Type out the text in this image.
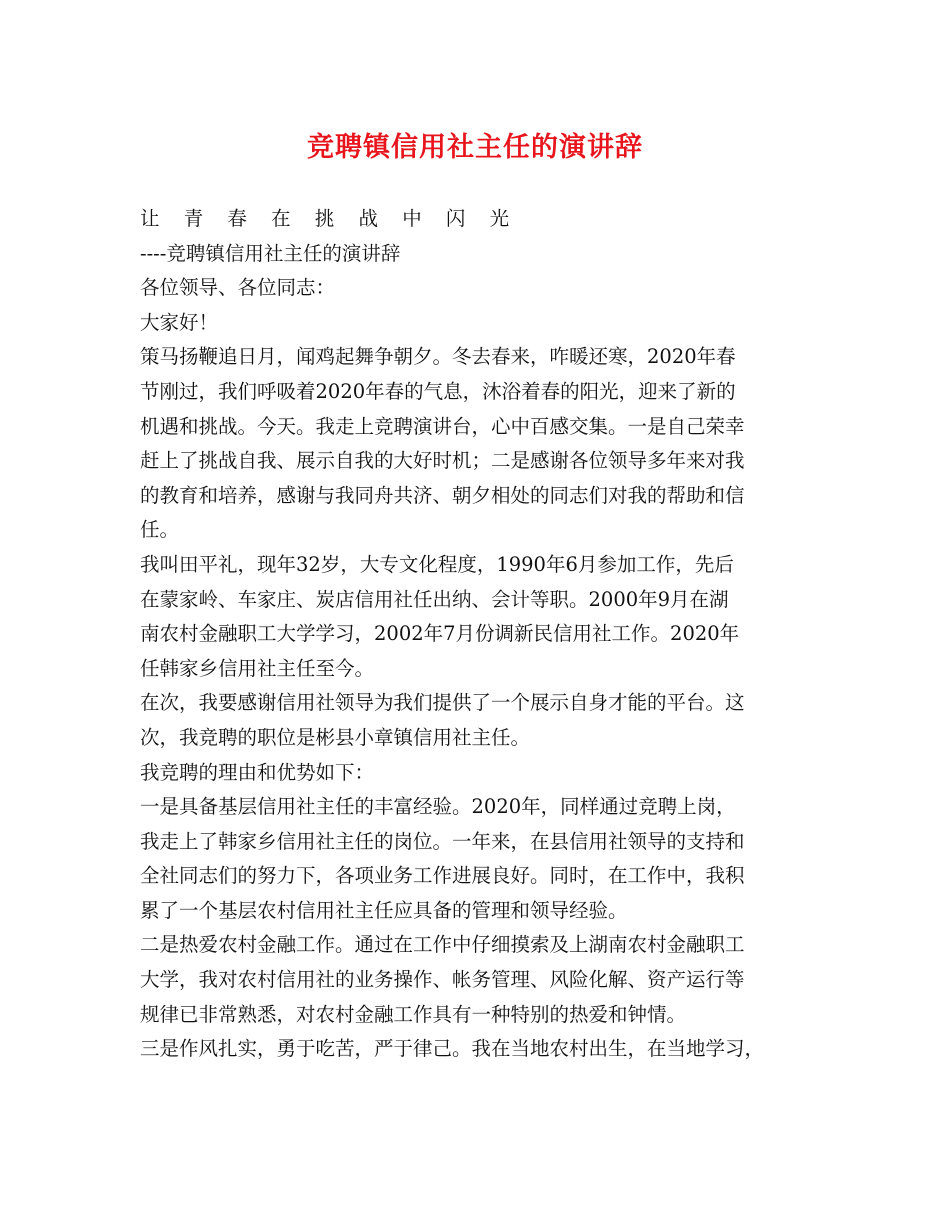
竞聘镇信用社主任的演讲辞
让 青 春 在 挑 战 中 闪 光
----竞聘镇信用社主任的演讲辞
各位领导、各位同志：
大家好！
策马扬鞭追日月，闻鸡起舞争朝夕。冬去春来，咋暖还寒，2020年春
节刚过，我们呼吸着2020年春的气息，沐浴着春的阳光，迎来了新的
机遇和挑战。今天。我走上竞聘演讲台，心中百感交集。一是自己荣幸
赶上了挑战自我、展示自我的大好时机；二是感谢各位领导多年来对我
的教育和培养，感谢与我同舟共济、朝夕相处的同志们对我的帮助和信
任。
我叫田平礼，现年32岁，大专文化程度，1990年6月参加工作，先后
在蒙家岭、车家庄、炭店信用社任出纳、会计等职。2000年9月在湖
南农村金融职工大学学习，2002年7月份调新民信用社工作。2020年
任韩家乡信用社主任至今。
在次，我要感谢信用社领导为我们提供了一个展示自身才能的平台。这
次，我竞聘的职位是彬县小章镇信用社主任。
我竞聘的理由和优势如下：
一是具备基层信用社主任的丰富经验。2020年，同样通过竞聘上岗，
我走上了韩家乡信用社主任的岗位。一年来，在县信用社领导的支持和
全社同志们的努力下，各项业务工作进展良好。同时，在工作中，我积
累了一个基层农村信用社主任应具备的管理和领导经验。
二是热爱农村金融工作。通过在工作中仔细摸索及上湖南农村金融职工
大学，我对农村信用社的业务操作、帐务管理、风险化解、资产运行等
规律已非常熟悉，对农村金融工作具有一种特别的热爱和钟情。
三是作风扎实，勇于吃苦，严于律己。我在当地农村出生，在当地学习，
